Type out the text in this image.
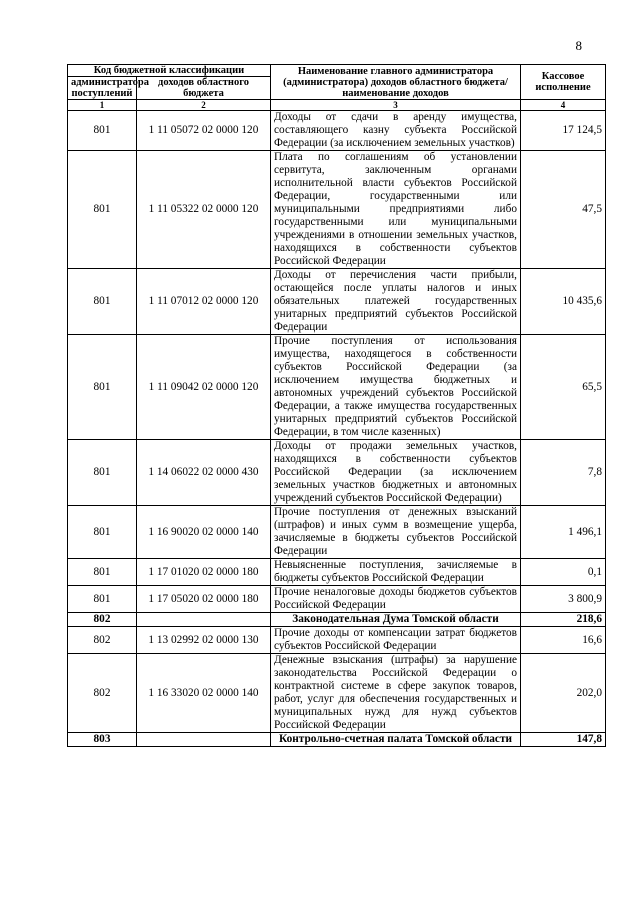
8
Код бюджетной классификации		Наименование главного администратора (администратора) доходов областного бюджета/ наименование доходов	Кассовое исполнение
администратора поступлений	доходов областного бюджета		
1	2	3	4
801	1 11 05072 02 0000 120	Доходы от сдачи в аренду имущества, составляющего казну субъекта Российской Федерации (за исключением земельных участков)	17 124,5
801	1 11 05322 02 0000 120	Плата по соглашениям об установлении сервитута, заключенным органами исполнительной власти субъектов Российской Федерации, государственными или муниципальными предприятиями либо государственными или муниципальными учреждениями в отношении земельных участков, находящихся в собственности субъектов Российской Федерации	47,5
801	1 11 07012 02 0000 120	Доходы от перечисления части прибыли, остающейся после уплаты налогов и иных обязательных платежей государственных унитарных предприятий субъектов Российской Федерации	10 435,6
801	1 11 09042 02 0000 120	Прочие поступления от использования имущества, находящегося в собственности субъектов Российской Федерации (за исключением имущества бюджетных и автономных учреждений субъектов Российской Федерации, а также имущества государственных унитарных предприятий субъектов Российской Федерации, в том числе казенных)	65,5
801	1 14 06022 02 0000 430	Доходы от продажи земельных участков, находящихся в собственности субъектов Российской Федерации (за исключением земельных участков бюджетных и автономных учреждений субъектов Российской Федерации)	7,8
801	1 16 90020 02 0000 140	Прочие поступления от денежных взысканий (штрафов) и иных сумм в возмещение ущерба, зачисляемые в бюджеты субъектов Российской Федерации	1 496,1
801	1 17 01020 02 0000 180	Невыясненные поступления, зачисляемые в бюджеты субъектов Российской Федерации	0,1
801	1 17 05020 02 0000 180	Прочие неналоговые доходы бюджетов субъектов Российской Федерации	3 800,9
802		Законодательная Дума Томской области	218,6
802	1 13 02992 02 0000 130	Прочие доходы от компенсации затрат бюджетов субъектов Российской Федерации	16,6
802	1 16 33020 02 0000 140	Денежные взыскания (штрафы) за нарушение законодательства Российской Федерации о контрактной системе в сфере закупок товаров, работ, услуг для обеспечения государственных и муниципальных нужд для нужд субъектов Российской Федерации	202,0
803		Контрольно-счетная палата Томской области	147,8
